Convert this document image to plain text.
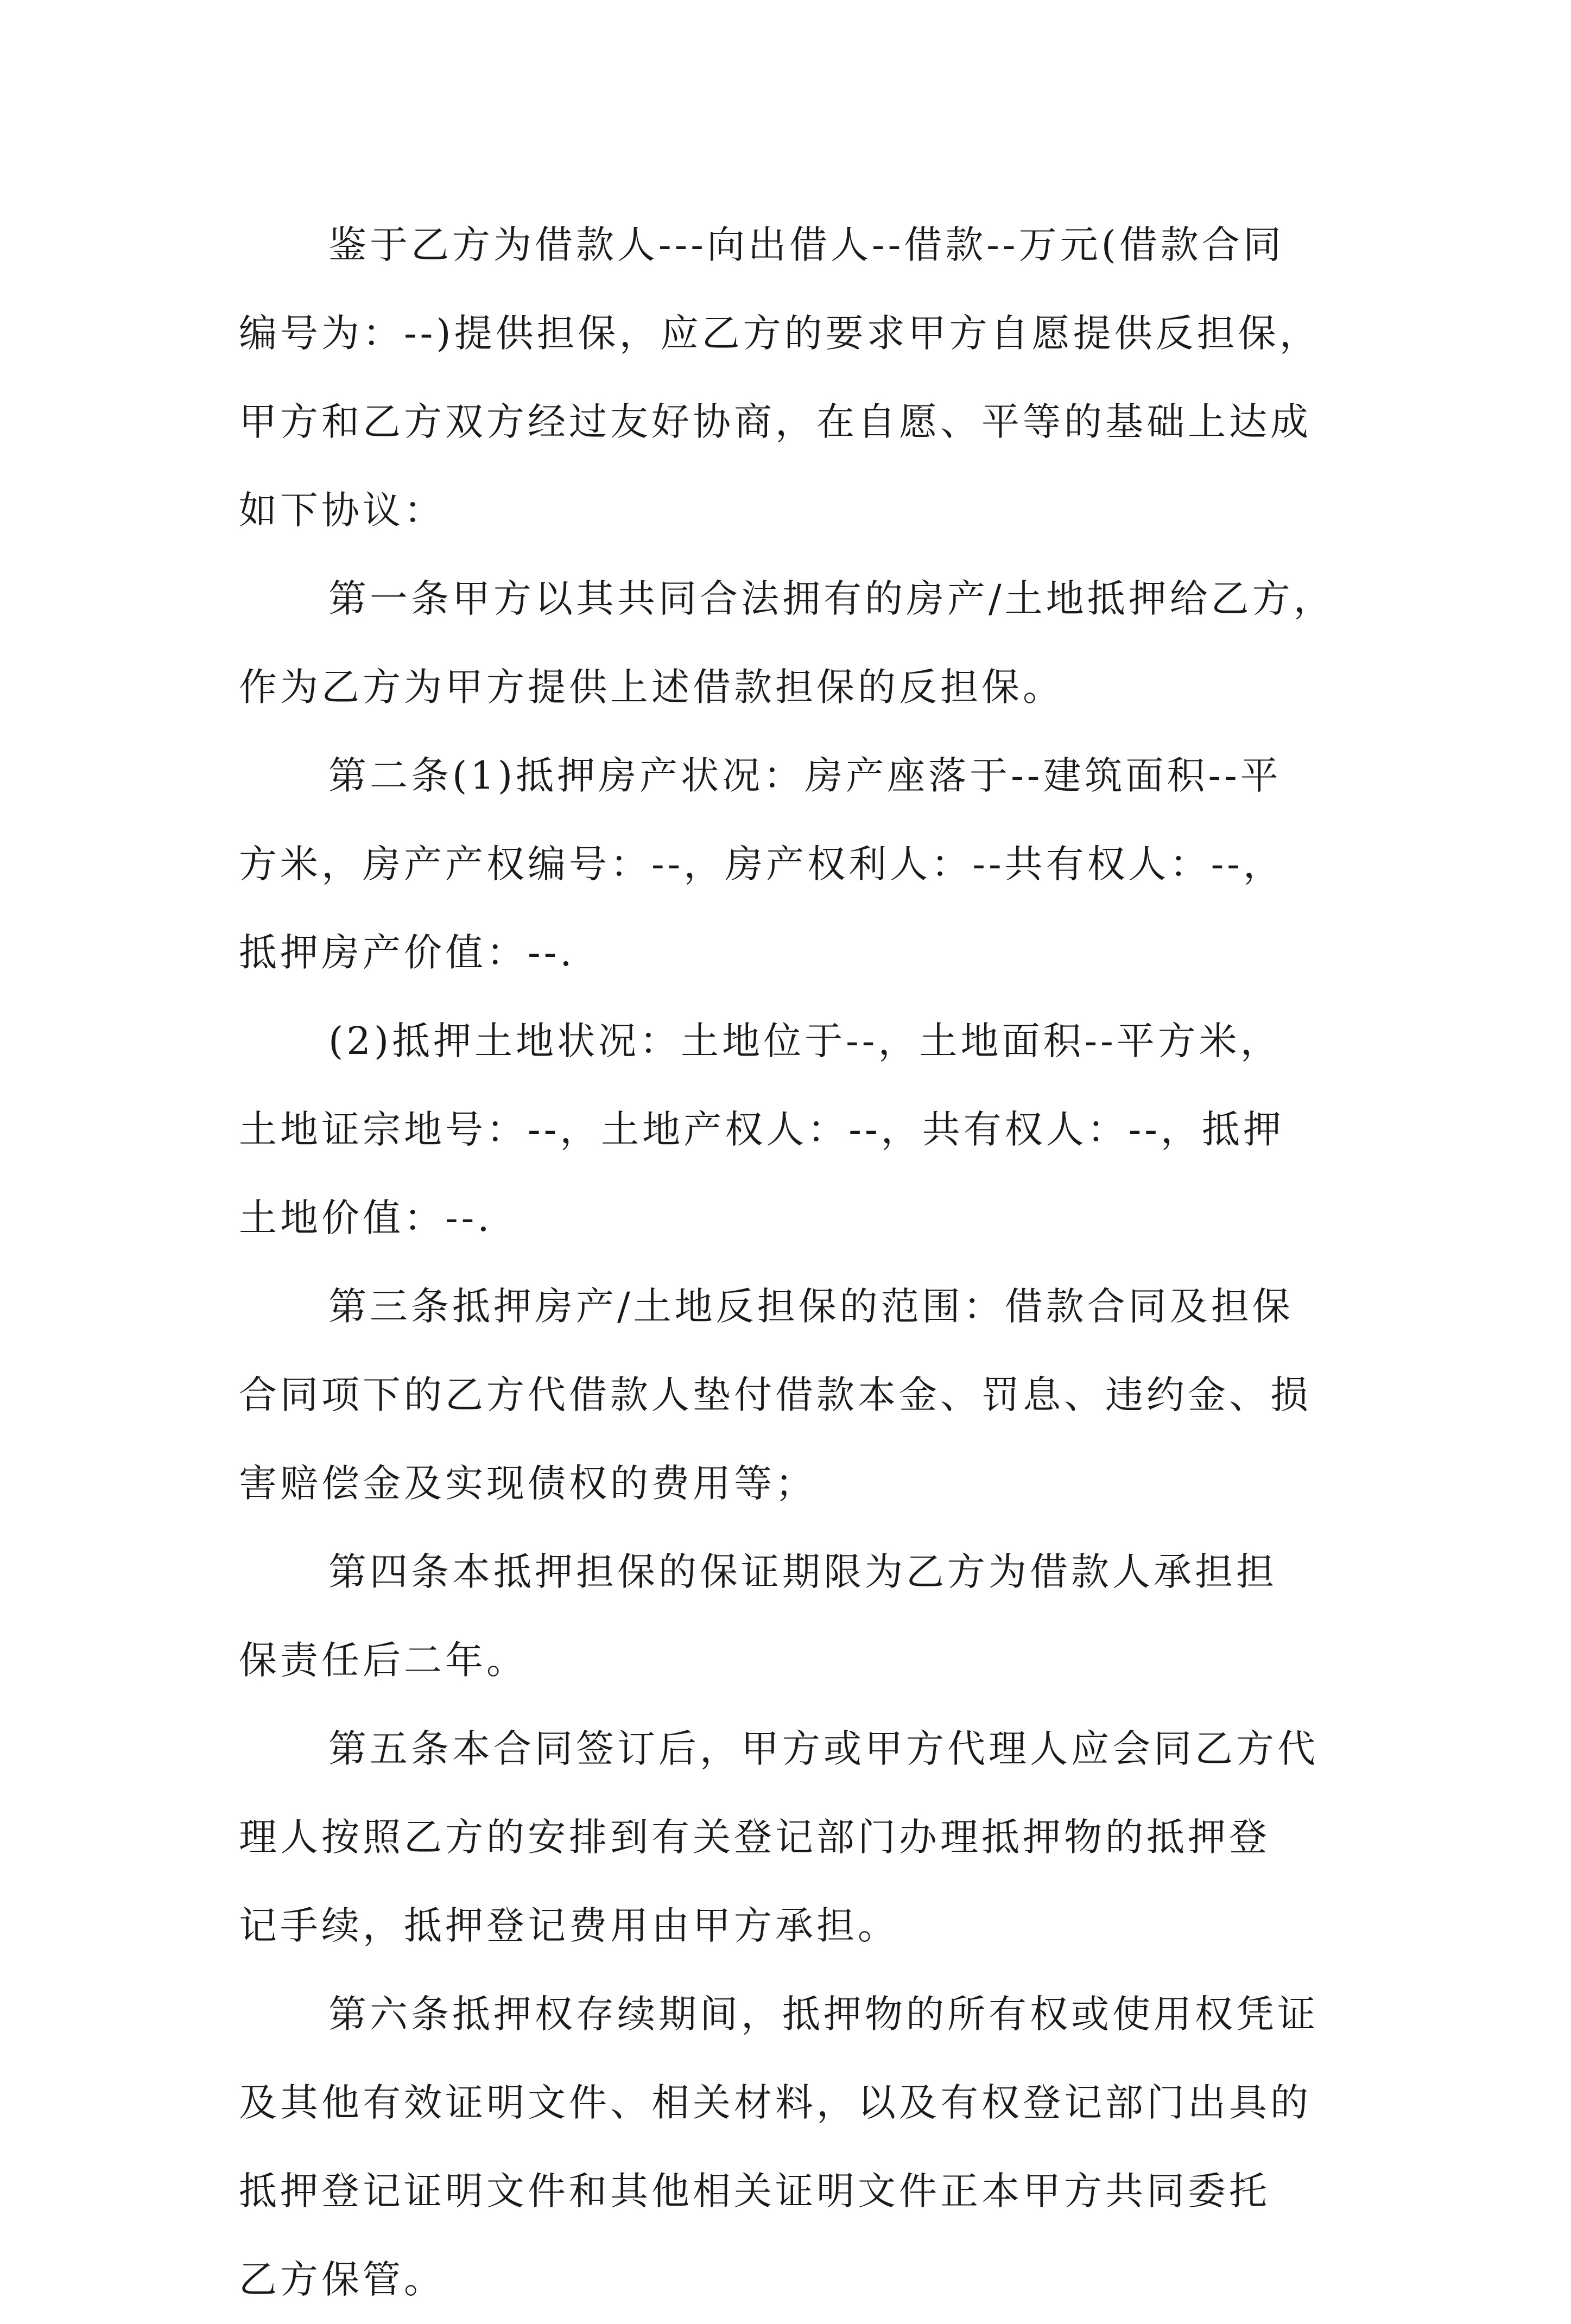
鉴于乙方为借款人---向出借人--借款--万元(借款合同
编号为：--)提供担保，应乙方的要求甲方自愿提供反担保，
甲方和乙方双方经过友好协商，在自愿、平等的基础上达成
如下协议：

第一条甲方以其共同合法拥有的房产/土地抵押给乙方，
作为乙方为甲方提供上述借款担保的反担保。

第二条(1)抵押房产状况：房产座落于--建筑面积--平
方米，房产产权编号：--，房产权利人：--共有权人：--，
抵押房产价值：--.

(2)抵押土地状况：土地位于--，土地面积--平方米，
土地证宗地号：--，土地产权人：--，共有权人：--，抵押
土地价值：--.

第三条抵押房产/土地反担保的范围：借款合同及担保
合同项下的乙方代借款人垫付借款本金、罚息、违约金、损
害赔偿金及实现债权的费用等；

第四条本抵押担保的保证期限为乙方为借款人承担担
保责任后二年。

第五条本合同签订后，甲方或甲方代理人应会同乙方代
理人按照乙方的安排到有关登记部门办理抵押物的抵押登
记手续，抵押登记费用由甲方承担。

第六条抵押权存续期间，抵押物的所有权或使用权凭证
及其他有效证明文件、相关材料，以及有权登记部门出具的
抵押登记证明文件和其他相关证明文件正本甲方共同委托
乙方保管。
